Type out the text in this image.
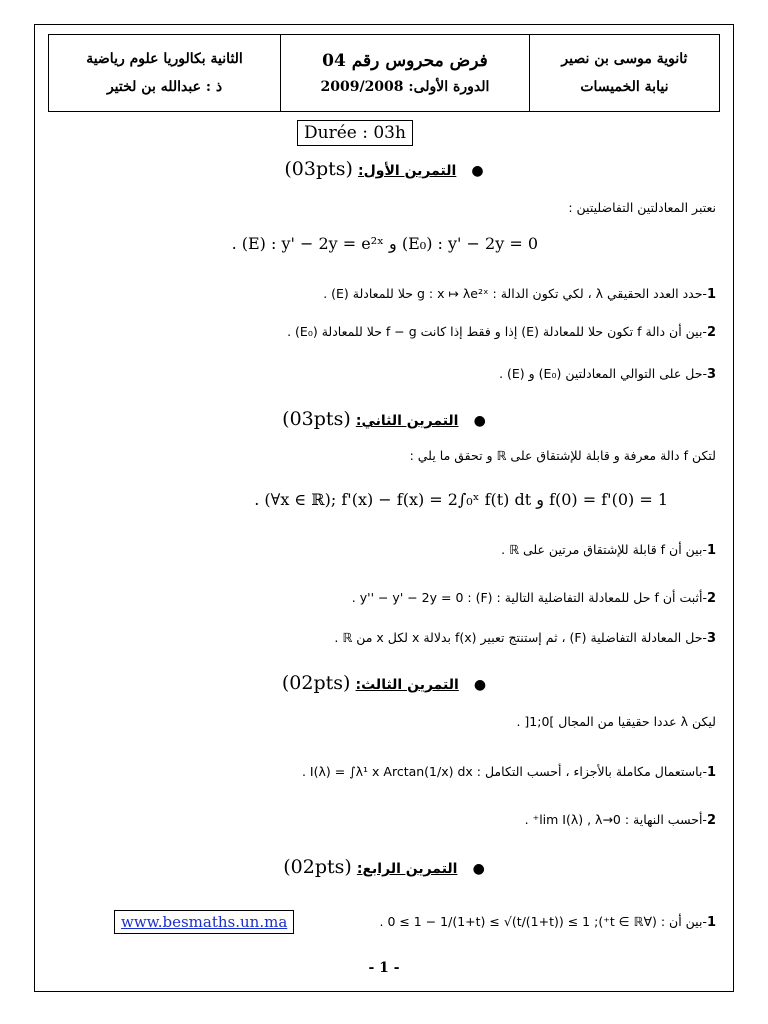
الثانية بكالوريا علوم رياضية
ذ : عبدالله بن لختير

فرض محروس رقم 04
الدورة الأولى: 2009/2008

ثانوية موسى بن نصير
نيابة الخميسات
Durée : 03h
● التمرين الأول: (03pts)
نعتبر المعادلتين التفاضليتين :
. (E) : y' − 2y = e²ˣ و (E₀) : y' − 2y = 0
1-حدد العدد الحقيقي λ ، لكي تكون الدالة : g : x ↦ λe²ˣ حلا للمعادلة (E) .
2-بين أن دالة f تكون حلا للمعادلة (E) إذا و فقط إذا كانت f − g حلا للمعادلة (E₀) .
3-حل على التوالي المعادلتين (E₀) و (E) .
● التمرين الثاني: (03pts)
لتكن f دالة معرفة و قابلة للإشتقاق على ℝ و تحقق ما يلي :
. (∀x ∈ ℝ); f'(x) − f(x) = 2∫₀ˣ f(t) dt و f(0) = f'(0) = 1
1-بين أن f قابلة للإشتقاق مرتين على ℝ .
2-أثبت أن f حل للمعادلة التفاضلية التالية : (F) : y'' − y' − 2y = 0 .
3-حل المعادلة التفاضلية (F) ، ثم إستنتج تعبير f(x) بدلالة x لكل x من ℝ .
● التمرين الثالث: (02pts)
ليكن λ عددا حقيقيا من المجال ]0;1[ .
1-باستعمال مكاملة بالأجزاء ، أحسب التكامل : I(λ) = ∫λ¹ x Arctan(1/x) dx .
2-أحسب النهاية : lim I(λ) , λ→0⁺ .
● التمرين الرابع: (02pts)
1-بين أن : (∀t ∈ ℝ⁺); 0 ≤ 1 − 1/(1+t) ≤ √(t/(1+t)) ≤ 1 .
www.besmaths.un.ma
- 1 -
